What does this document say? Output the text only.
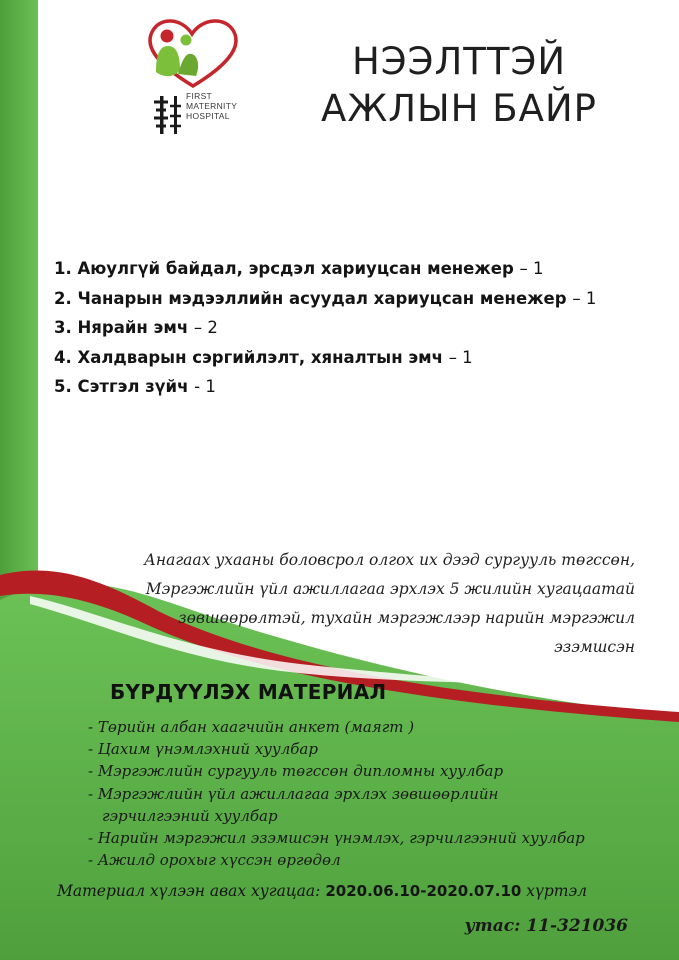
FIRST
MATERNITY
HOSPITAL
НЭЭЛТТЭЙ
АЖЛЫН БАЙР
1. Аюулгүй байдал, эрсдэл хариуцсан менежер – 1
2. Чанарын мэдээллийн асуудал хариуцсан менежер – 1
3. Нярайн эмч – 2
4. Халдварын сэргийлэлт, хяналтын эмч – 1
5. Сэтгэл зүйч - 1
Анагаах ухааны боловсрол олгох их дээд сургууль төгссөн,
Мэргэжлийн үйл ажиллагаа эрхлэх 5 жилийн хугацаатай
зөвшөөрөлтэй, тухайн мэргэжлээр нарийн мэргэжил
эзэмшсэн
БҮРДҮҮЛЭХ МАТЕРИАЛ
- Төрийн албан хаагчийн анкет (маягт )
- Цахим үнэмлэхний хуулбар
- Мэргэжлийн сургууль төгссөн дипломны хуулбар
- Мэргэжлийн үйл ажиллагаа эрхлэх зөвшөөрлийн
гэрчилгээний хуулбар
- Нарийн мэргэжил эзэмшсэн үнэмлэх, гэрчилгээний хуулбар
- Ажилд орохыг хүссэн өргөдөл
Материал хүлээн авах хугацаа: 2020.06.10-2020.07.10 хүртэл
утас: 11-321036
